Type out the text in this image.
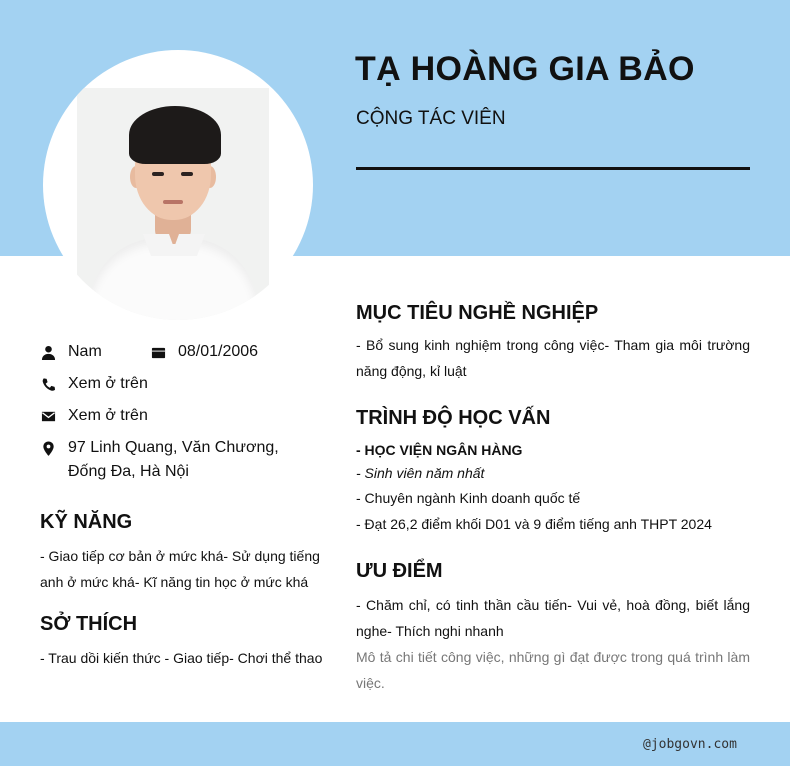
TẠ HOÀNG GIA BẢO
CỘNG TÁC VIÊN
Nam	08/01/2006
Xem ở trên
Xem ở trên
97 Linh Quang, Văn Chương, Đống Đa, Hà Nội
KỸ NĂNG
- Giao tiếp cơ bản ở mức khá- Sử dụng tiếng anh ở mức khá- Kĩ năng tin học ở mức khá
SỞ THÍCH
- Trau dồi kiến thức - Giao tiếp- Chơi thể thao
MỤC TIÊU NGHỀ NGHIỆP
- Bổ sung kinh nghiệm trong công việc- Tham gia môi trường năng động, kỉ luật
TRÌNH ĐỘ HỌC VẤN
- HỌC VIỆN NGÂN HÀNG
- Sinh viên năm nhất
- Chuyên ngành Kinh doanh quốc tế
- Đạt 26,2 điểm khối D01 và 9 điểm tiếng anh THPT 2024
ƯU ĐIỂM
- Chăm chỉ, có tinh thần cầu tiến- Vui vẻ, hoà đồng, biết lắng nghe- Thích nghi nhanh
Mô tả chi tiết công việc, những gì đạt được trong quá trình làm việc.
@jobgovn.com
